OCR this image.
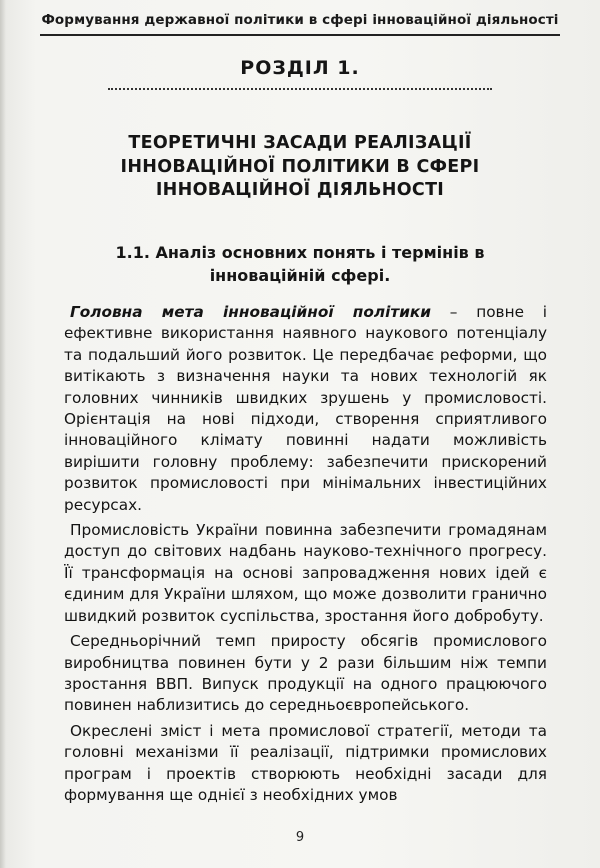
Формування державної політики в сфері інноваційної діяльності
РОЗДІЛ 1.
ТЕОРЕТИЧНІ ЗАСАДИ РЕАЛІЗАЦІЇ ІННОВАЦІЙНОЇ ПОЛІТИКИ В СФЕРІ ІННОВАЦІЙНОЇ ДІЯЛЬНОСТІ
1.1. Аналіз основних понять і термінів в інноваційній сфері.

Головна мета інноваційної політики – повне і ефективне використання наявного наукового потенціалу та подальший його розвиток. Це передбачає реформи, що витікають з визначення науки та нових технологій як головних чинників швидких зрушень у промисловості. Орієнтація на нові підходи, створення сприятливого інноваційного клімату повинні надати можливість вирішити головну проблему: забезпечити прискорений розвиток промисловості при мінімальних інвестиційних ресурсах.

Промисловість України повинна забезпечити громадянам доступ до світових надбань науково-технічного прогресу. Її трансформація на основі запровадження нових ідей є єдиним для України шляхом, що може дозволити гранично швидкий розвиток суспільства, зростання його добробуту.

Середньорічний темп приросту обсягів промислового виробництва повинен бути у 2 рази більшим ніж темпи зростання ВВП. Випуск продукції на одного працюючого повинен наблизитись до середньоєвропейського.

Окреслені зміст і мета промислової стратегії, методи та головні механізми її реалізації, підтримки промислових програм і проектів створюють необхідні засади для формування ще однієї з необхідних умов

9
